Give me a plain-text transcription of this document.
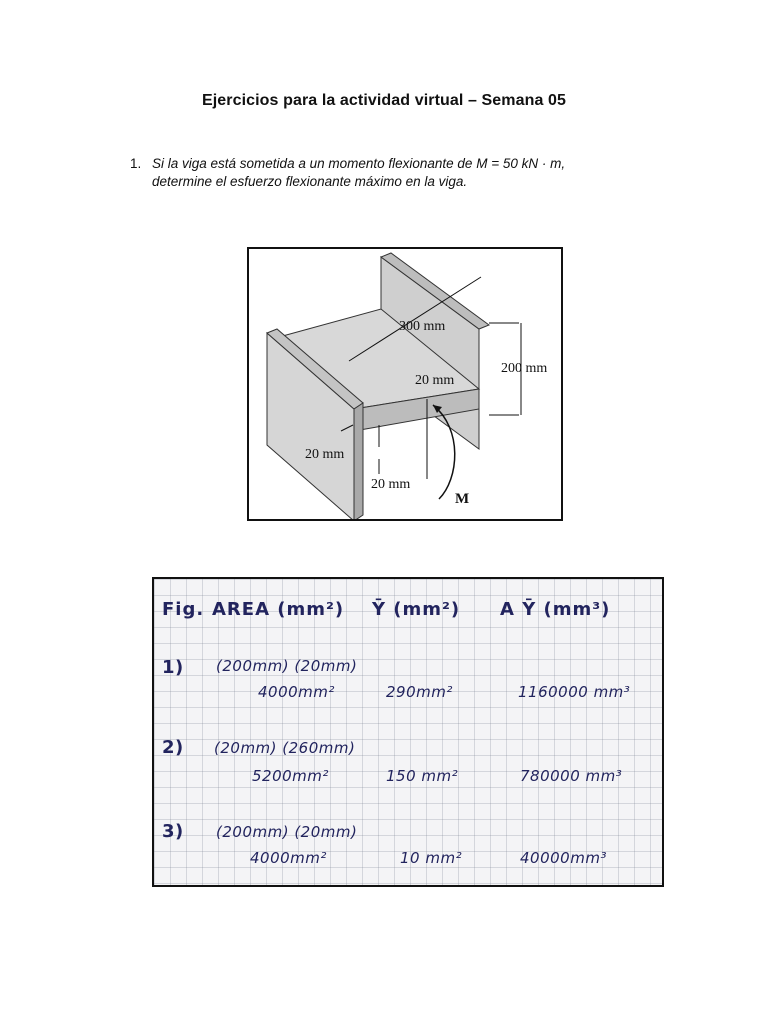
Ejercicios para la actividad virtual – Semana 05
1. Si la viga está sometida a un momento flexionante de M = 50 kN · m,
determine el esfuerzo flexionante máximo en la viga.
300 mm
200 mm
20 mm
20 mm
20 mm
M
Fig. AREA (mm²) Ȳ (mm²) A Ȳ (mm³)
1) (200mm) (20mm)
4000mm²	290mm²	1160000 mm³
2) (20mm) (260mm)
5200mm²	150 mm²	780000 mm³
3) (200mm) (20mm)
4000mm²	10 mm²	40000mm³
